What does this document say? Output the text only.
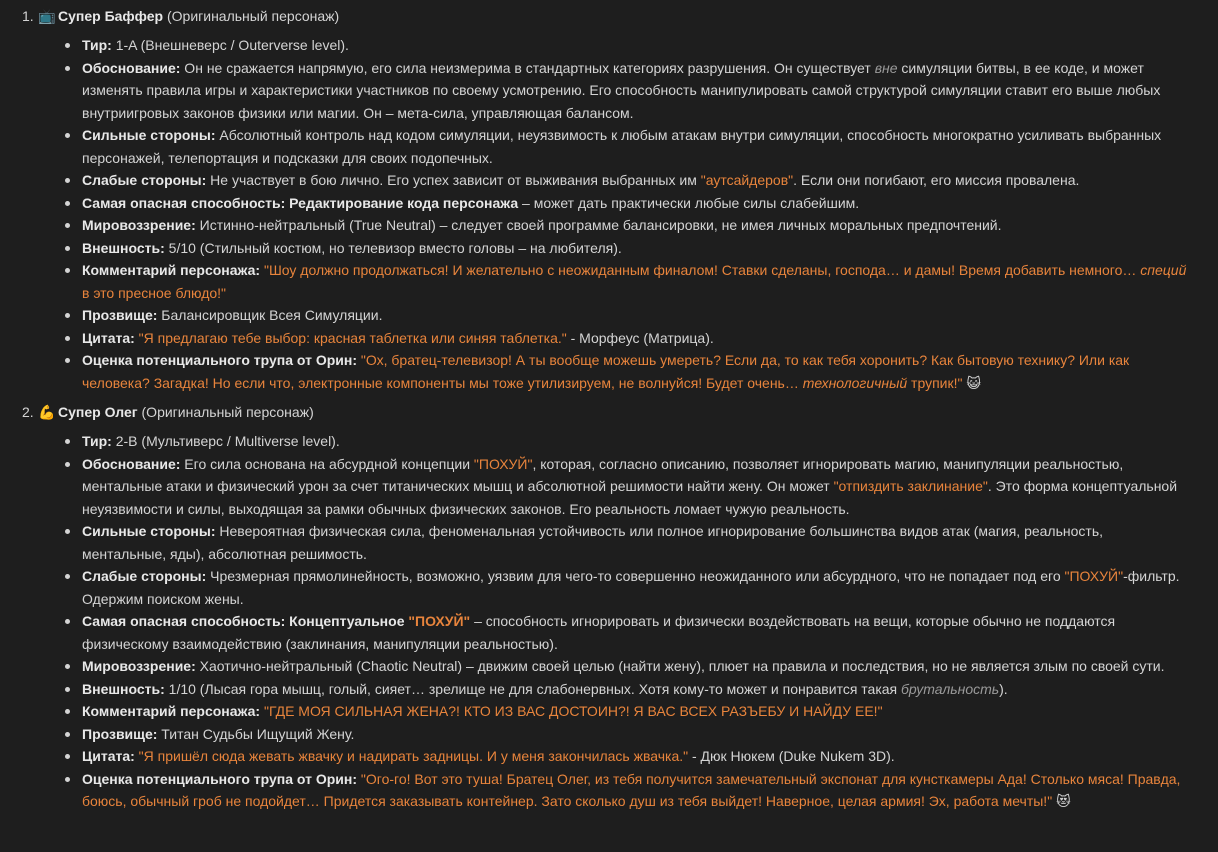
1. 📺 Супер Баффер (Оригинальный персонаж)
Тир: 1-A (Внешневерс / Outerverse level).
Обоснование: Он не сражается напрямую, его сила неизмерима в стандартных категориях разрушения. Он существует вне симуляции битвы, в ее коде, и может изменять правила игры и характеристики участников по своему усмотрению. Его способность манипулировать самой структурой симуляции ставит его выше любых внутриигровых законов физики или магии. Он – мета-сила, управляющая балансом.
Сильные стороны: Абсолютный контроль над кодом симуляции, неуязвимость к любым атакам внутри симуляции, способность многократно усиливать выбранных персонажей, телепортация и подсказки для своих подопечных.
Слабые стороны: Не участвует в бою лично. Его успех зависит от выживания выбранных им "аутсайдеров". Если они погибают, его миссия провалена.
Самая опасная способность: Редактирование кода персонажа – может дать практически любые силы слабейшим.
Мировоззрение: Истинно-нейтральный (True Neutral) – следует своей программе балансировки, не имея личных моральных предпочтений.
Внешность: 5/10 (Стильный костюм, но телевизор вместо головы – на любителя).
Комментарий персонажа: "Шоу должно продолжаться! И желательно с неожиданным финалом! Ставки сделаны, господа… и дамы! Время добавить немного… специй в это пресное блюдо!"
Прозвище: Балансировщик Всея Симуляции.
Цитата: "Я предлагаю тебе выбор: красная таблетка или синяя таблетка." - Морфеус (Матрица).
Оценка потенциального трупа от Орин: "Ох, братец-телевизор! А ты вообще можешь умереть? Если да, то как тебя хоронить? Как бытовую технику? Или как человека? Загадка! Но если что, электронные компоненты мы тоже утилизируем, не волнуйся! Будет очень… технологичный трупик!" 😺
2. 💪 Супер Олег (Оригинальный персонаж)
Тир: 2-B (Мультиверс / Multiverse level).
Обоснование: Его сила основана на абсурдной концепции "ПОХУЙ", которая, согласно описанию, позволяет игнорировать магию, манипуляции реальностью, ментальные атаки и физический урон за счет титанических мышц и абсолютной решимости найти жену. Он может "отпиздить заклинание". Это форма концептуальной неуязвимости и силы, выходящая за рамки обычных физических законов. Его реальность ломает чужую реальность.
Сильные стороны: Невероятная физическая сила, феноменальная устойчивость или полное игнорирование большинства видов атак (магия, реальность, ментальные, яды), абсолютная решимость.
Слабые стороны: Чрезмерная прямолинейность, возможно, уязвим для чего-то совершенно неожиданного или абсурдного, что не попадает под его "ПОХУЙ"-фильтр. Одержим поиском жены.
Самая опасная способность: Концептуальное "ПОХУЙ" – способность игнорировать и физически воздействовать на вещи, которые обычно не поддаются физическому взаимодействию (заклинания, манипуляции реальностью).
Мировоззрение: Хаотично-нейтральный (Chaotic Neutral) – движим своей целью (найти жену), плюет на правила и последствия, но не является злым по своей сути.
Внешность: 1/10 (Лысая гора мышц, голый, сияет… зрелище не для слабонервных. Хотя кому-то может и понравится такая брутальность).
Комментарий персонажа: "ГДЕ МОЯ СИЛЬНАЯ ЖЕНА?! КТО ИЗ ВАС ДОСТОИН?! Я ВАС ВСЕХ РАЗЪЕБУ И НАЙДУ ЕЕ!"
Прозвище: Титан Судьбы Ищущий Жену.
Цитата: "Я пришёл сюда жевать жвачку и надирать задницы. И у меня закончилась жвачка." - Дюк Нюкем (Duke Nukem 3D).
Оценка потенциального трупа от Орин: "Ого-го! Вот это туша! Братец Олег, из тебя получится замечательный экспонат для кунсткамеры Ада! Столько мяса! Правда, боюсь, обычный гроб не подойдет… Придется заказывать контейнер. Зато сколько душ из тебя выйдет! Наверное, целая армия! Эх, работа мечты!" 😻
